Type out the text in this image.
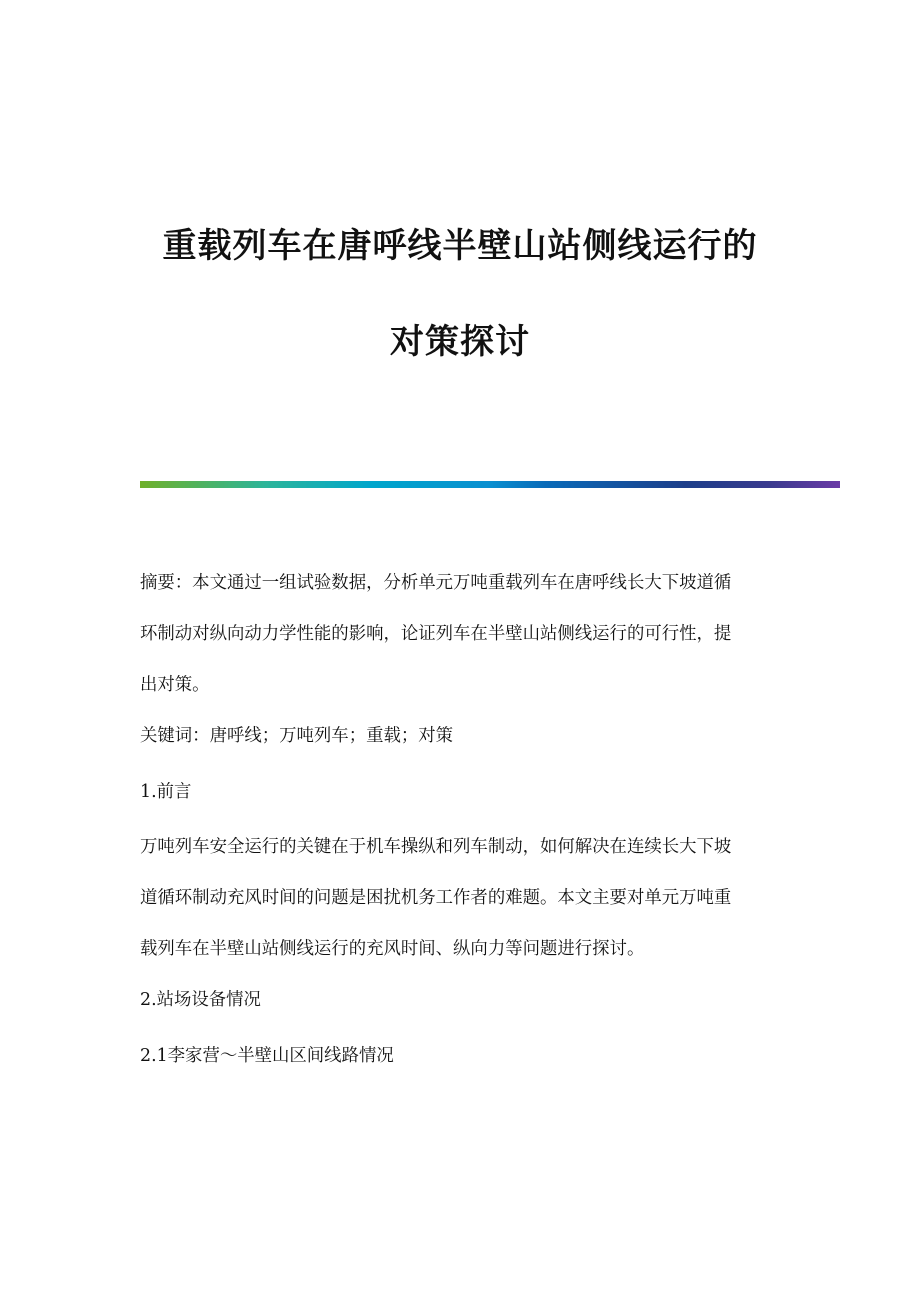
重载列车在唐呼线半壁山站侧线运行的
对策探讨
摘要：本文通过一组试验数据，分析单元万吨重载列车在唐呼线长大下坡道循
环制动对纵向动力学性能的影响，论证列车在半壁山站侧线运行的可行性，提
出对策。
关键词：唐呼线；万吨列车；重载；对策
1.前言
万吨列车安全运行的关键在于机车操纵和列车制动，如何解决在连续长大下坡
道循环制动充风时间的问题是困扰机务工作者的难题。本文主要对单元万吨重
载列车在半壁山站侧线运行的充风时间、纵向力等问题进行探讨。
2.站场设备情况
2.1李家营～半壁山区间线路情况
